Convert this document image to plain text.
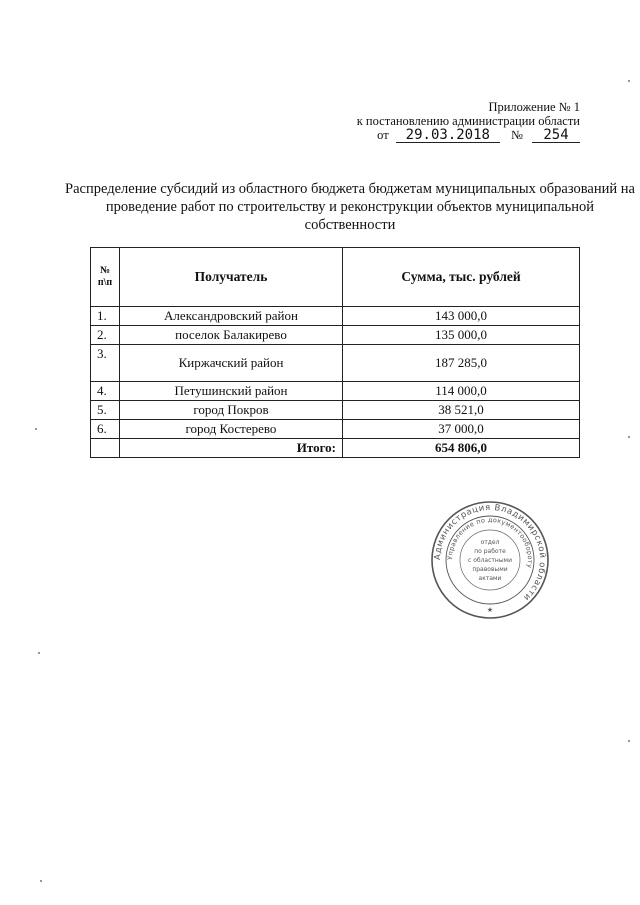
Приложение № 1
к постановлению администрации области
от 29.03.2018 № 254
Распределение субсидий из областного бюджета бюджетам муниципальных образований на проведение работ по строительству и реконструкции объектов муниципальной собственности
№ п\п	Получатель	Сумма, тыс. рублей
1.	Александровский район	143 000,0
2.	поселок Балакирево	135 000,0
3.	Киржачский район	187 285,0
4.	Петушинский район	114 000,0
5.	город Покров	38 521,0
6.	город Костерево	37 000,0
	Итого:	654 806,0
Администрация Владимирской области
Управление по документообороту
отдел
по работе
с областными
правовыми
актами
★
